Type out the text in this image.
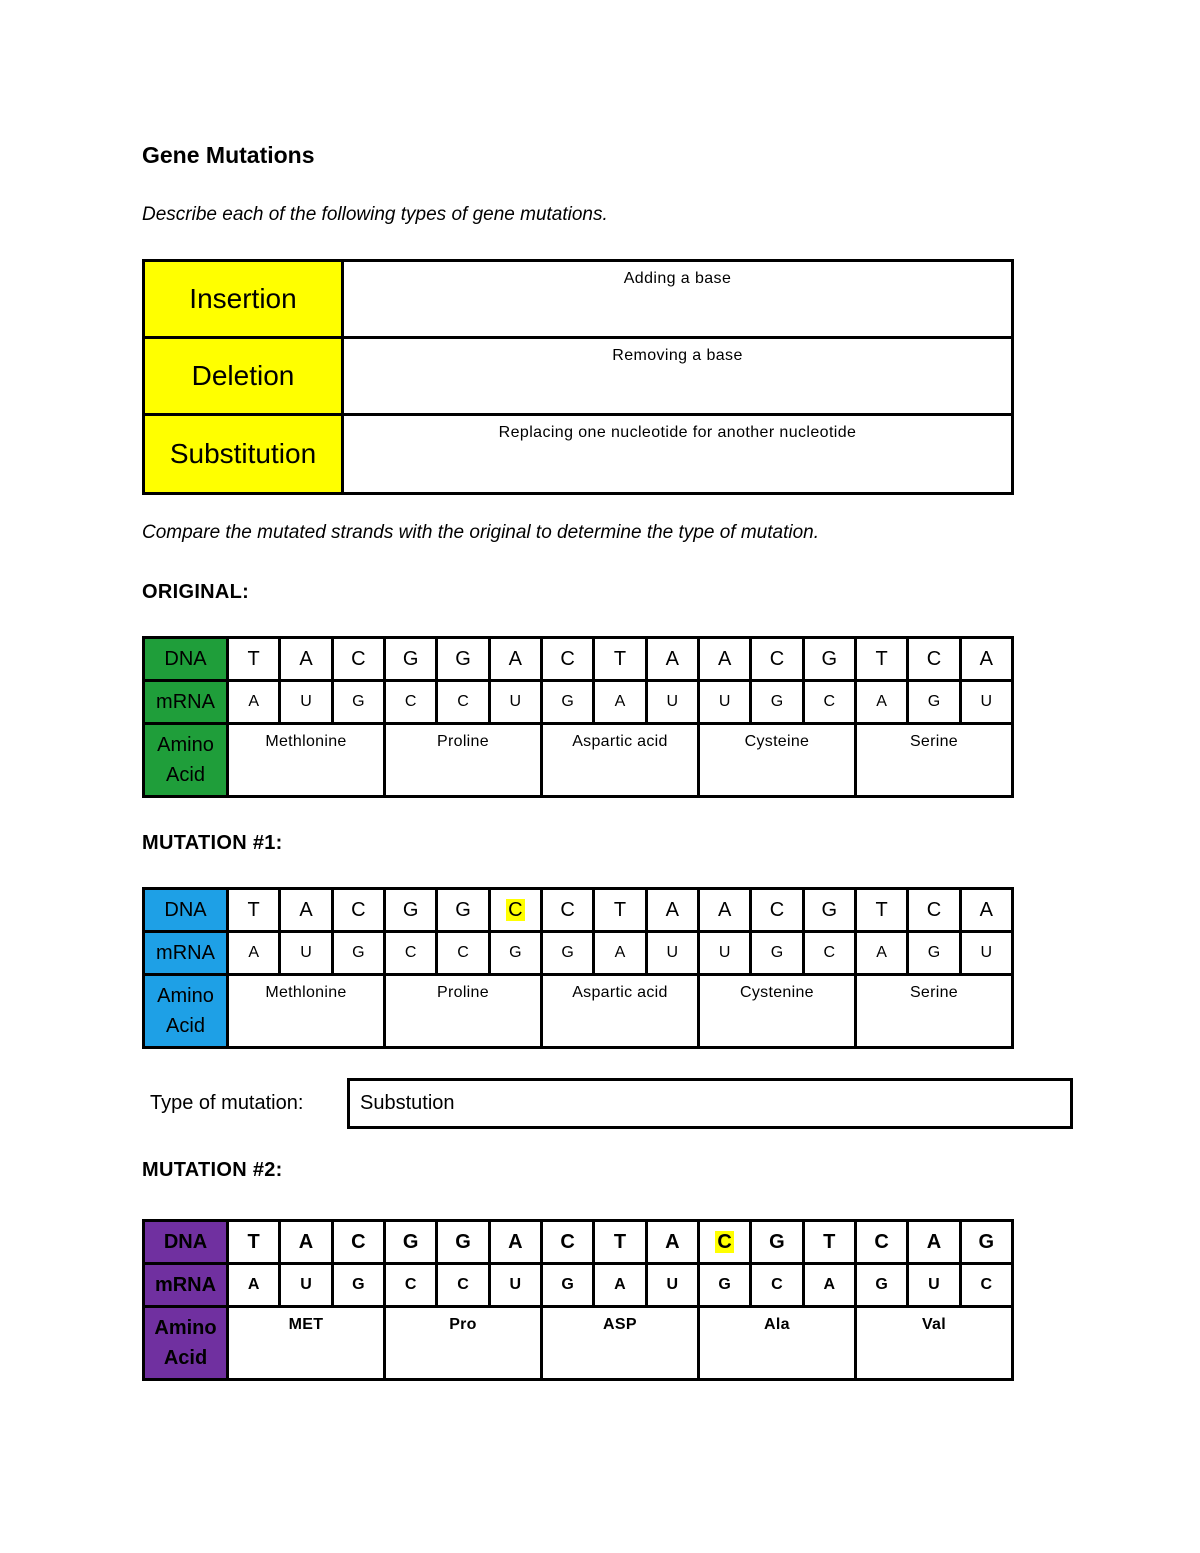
Gene Mutations
Describe each of the following types of gene mutations.
Insertion	Adding a base
Deletion	Removing a base
Substitution	Replacing one nucleotide for another nucleotide
Compare the mutated strands with the original to determine the type of mutation.
ORIGINAL:
DNA	T	A	C	G	G	A	C	T	A	A	C	G	T	C	A
mRNA	A	U	G	C	C	U	G	A	U	U	G	C	A	G	U

Amino
Acid	Methlonine			Proline			Aspartic acid			Cysteine			Serine		
MUTATION #1:
DNA	T	A	C	G	G	C	C	T	A	A	C	G	T	C	A
mRNA	A	U	G	C	C	G	G	A	U	U	G	C	A	G	U

Amino
Acid	Methlonine			Proline			Aspartic acid			Cystenine			Serine		
Type of mutation:	Substution
MUTATION #2:
DNA	T	A	C	G	G	A	C	T	A	C	G	T	C	A	G
mRNA	A	U	G	C	C	U	G	A	U	G	C	A	G	U	C

Amino
Acid	MET			Pro			ASP			Ala			Val		
